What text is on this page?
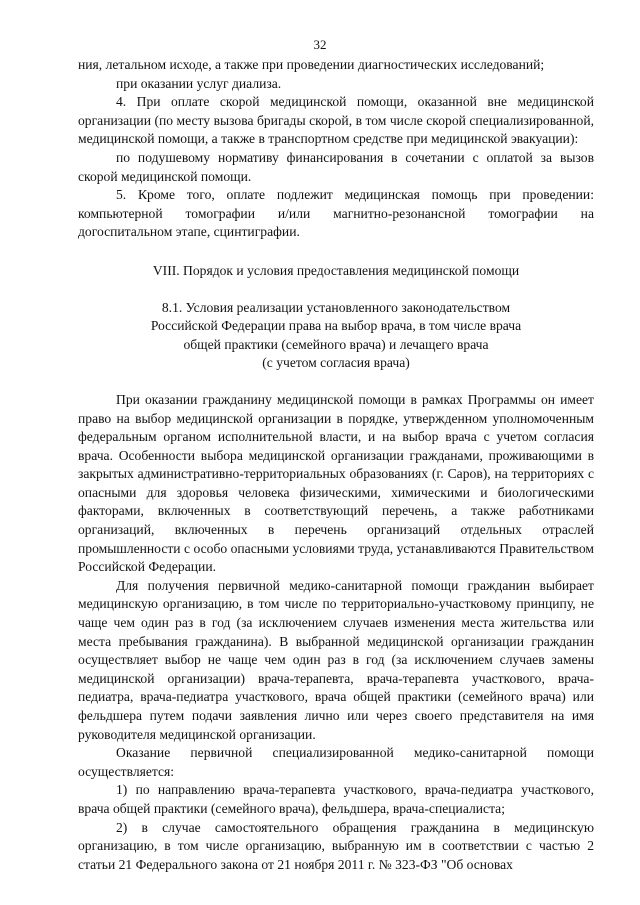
32

ния, летальном исходе, а также при проведении диагностических исследований;

при оказании услуг диализа.

4. При оплате скорой медицинской помощи, оказанной вне медицинской организации (по месту вызова бригады скорой, в том числе скорой специализированной, медицинской помощи, а также в транспортном средстве при медицинской эвакуации):

по подушевому нормативу финансирования в сочетании с оплатой за вызов скорой медицинской помощи.

5. Кроме того, оплате подлежит медицинская помощь при проведении: компьютерной томографии и/или магнитно-резонансной томографии на догоспитальном этапе, сцинтиграфии.

VIII. Порядок и условия предоставления медицинской помощи

8.1. Условия реализации установленного законодательством

Российской Федерации права на выбор врача, в том числе врача

общей практики (семейного врача) и лечащего врача

(с учетом согласия врача)

При оказании гражданину медицинской помощи в рамках Программы он имеет право на выбор медицинской организации в порядке, утвержденном уполномоченным федеральным органом исполнительной власти, и на выбор врача с учетом согласия врача. Особенности выбора медицинской организации гражданами, проживающими в закрытых административно-территориальных образованиях (г. Саров), на территориях с опасными для здоровья человека физическими, химическими и биологическими факторами, включенных в соответствующий перечень, а также работниками организаций, включенных в перечень организаций отдельных отраслей промышленности с особо опасными условиями труда, устанавливаются Правительством Российской Федерации.

Для получения первичной медико-санитарной помощи гражданин выбирает медицинскую организацию, в том числе по территориально-участковому принципу, не чаще чем один раз в год (за исключением случаев изменения места жительства или места пребывания гражданина). В выбранной медицинской организации гражданин осуществляет выбор не чаще чем один раз в год (за исключением случаев замены медицинской организации) врача-терапевта, врача-терапевта участкового, врача-педиатра, врача-педиатра участкового, врача общей практики (семейного врача) или фельдшера путем подачи заявления лично или через своего представителя на имя руководителя медицинской организации.

Оказание первичной специализированной медико-санитарной помощи осуществляется:

1) по направлению врача-терапевта участкового, врача-педиатра участкового, врача общей практики (семейного врача), фельдшера, врача-специалиста;

2) в случае самостоятельного обращения гражданина в медицинскую организацию, в том числе организацию, выбранную им в соответствии с частью 2 статьи 21 Федерального закона от 21 ноября 2011 г. № 323-ФЗ "Об основах
